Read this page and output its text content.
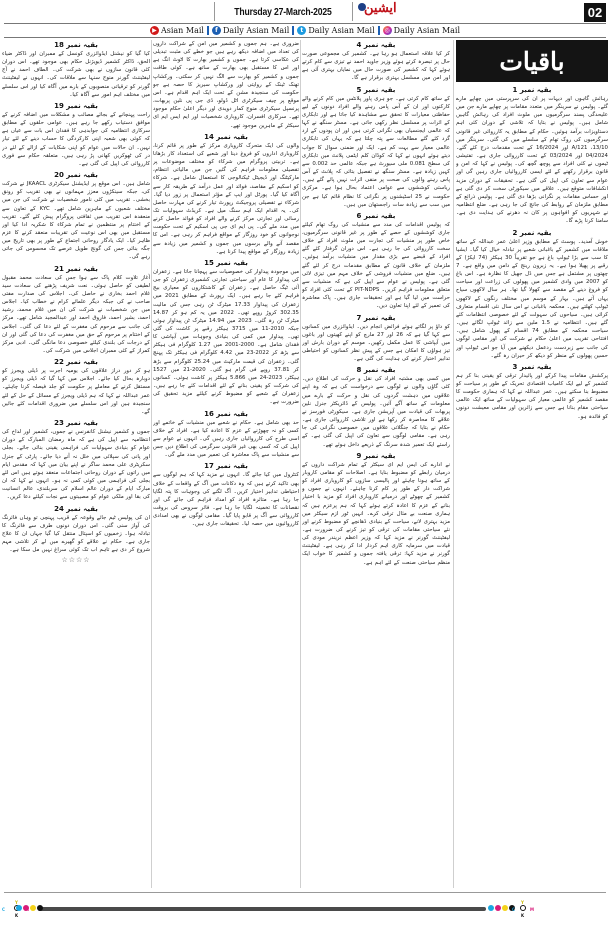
Thursday 27-March-2025	ایشین	02
▶ Asian Mail	f Daily Asian Mail	t Daily Asian Mail	◎ Daily Asian Mail
بقیہ نمبر 18
کیا گیا کو نیشنل ایڈوائزری کونسل کے ممبران اور ڈاکٹر ضیاء الحق، ڈاکٹر کشمیر ڈیویژنل حکام بھی موجود تھے۔ اس دوران کئی قانون سازوں نے بھی شرکت کی۔ الطاف احمد نے آج لیفٹیننٹ گورنر منوج سنہا سے ملاقات کی۔ انہوں نے لیفٹیننٹ گورنر کو ترقیاتی منصوبوں کے بارے میں آگاہ کیا اور اس سلسلے میں مختلف اہم امور سے آگاہ کیا۔
بقیہ نمبر 19
راحت پہنچانے کے بجائے مصائب و مشکلات میں اضافہ کرنے کے موافق دستیاب رکھے جا رہے ہیں۔ عوامی حلقوں کے مطابق سرکاری انتظامیہ کی جوابدہی کا فقدان اس بات سے عیاں ہے کہ کوئی بھی شعبہ اپنی کارکردگی کا حساب دینے کے لئے تیار نہیں۔ ان حالات میں عوام کو اپنی شکایات کے ازالے کے لئے در در کی ٹھوکریں کھانی پڑ رہی ہیں۔ متعلقہ حکام سے فوری کارروائی کی اپیل کی گئی ہے۔
بقیہ نمبر 20
شامل ہیں۔ اس موقع پر ایڈیشنل سیکرٹری JKAACL نے شرکت کی، جبکہ سینکڑوں معزز مہمانوں نے بھی تقریب کو رونق بخشی۔ تقریب میں کئی نامور شخصیات نے شرکت کی جن میں مختلف شعبوں کے ماہرین شامل تھے۔ KYC کے تعاون سے منعقدہ اس تقریب میں ثقافتی پروگرام پیش کئے گئے۔ تقریب کے اختتام پر منتظمین نے تمام شرکاء کا شکریہ ادا کیا اور مستقبل میں بھی اس نوعیت کی تقریبات منعقد کرنے کا عزم ظاہر کیا۔ ایک یادگار روحانی اجتماع کے طور پر بھی تاریخ میں جگہ بنائی جس کی گونج طویل عرصے تک محسوس کی جاتی رہے گی۔
بقیہ نمبر 21
آغاز تلاوت کلام پاک سے ہوا جس کی سعادت محمد مقبول لطیفی کو حاصل ہوئی۔ نعت شریف پڑھنے کی سعادت سید غلام احمد بخاری نے حاصل کی۔ اجلاس کی صدارت مفتی صاحب نے کی جبکہ دیگر علمائے کرام نے خطاب کیا۔ اجلاس میں جن شخصیات نے شرکت کی ان میں غلام محمد، رشید احمد، بشیر احمد، فاروق احمد اور عبدالمجید شامل تھے۔ مرکز کی جانب سے مرحوم کی مغفرت کے لئے دعا کی گئی۔ اجلاس کے اختتام پر مرحوم کے حق میں مغفرت کی دعا کی گئی اور ان کے درجات کی بلندی کیلئے خصوصی دعا مانگی گئی۔ ادبی مرکز کمراز کے کئی ممبران اجلاس میں شرکت کی۔
بقیہ نمبر 22
ہو کر دور دراز علاقوں کی یومیہ اجرت پر ڈیلی ویجرز کو دوبارہ بحال کیا جائے۔ اجلاس میں کہا گیا کہ ڈیلی ویجرز کو مستقل کرنے کے معاملے پر حکومت کو جلد فیصلہ کرنا چاہئے۔ عمر عبداللہ نے کہا کہ ہم ڈیلی ویجرز کے مسائل کے حل کے لئے سنجیدہ ہیں اور اس سلسلے میں ضروری اقدامات کئے جائیں گے۔
بقیہ نمبر 23
جموں و کشمیر نیشنل کانفرنس نے جموں، کشمیر اور لداخ کی انتظامیہ سے اپیل کی ہے کہ ماہ رمضان المبارک کے دوران عوام کو بنیادی سہولیات کی فراہمی یقینی بنائی جائے۔ بجلی اور پانی کی سپلائی میں خلل نہ آنے دیا جائے۔ پارٹی کے جنرل سکریٹری علی محمد ساگر نے اپنے بیان میں کہا کہ مقدس ایام میں راتوں کے دوران روحانی اجتماعات منعقد ہوتے ہیں اس لئے بجلی کی فراہمی میں کوئی کمی نہ ہو۔ انہوں نے کہا کہ ان مبارک ایام کے دوران عالم اسلام کی سربلندی، عالم انسانیت کی بقا اور ملکی عوام کو مصیبتوں سے نجات کیلئے دعا کریں۔
بقیہ نمبر 24
ان کی پولیس ٹیم جائے وقوعہ کے قریب پہنچی تو وہاں فائرنگ کی آواز سنی گئی۔ اس دوران دونوں طرف سے فائرنگ کا تبادلہ ہوا۔ زخمیوں کو اسپتال منتقل کیا گیا جہاں ان کا علاج جاری ہے۔ حکام نے علاقے کو گھیرے میں لے کر تلاشی مہم شروع کر دی ہے تاہم اب تک کوئی سراغ نہیں مل سکا ہے۔
☆☆☆☆
ضروری ہے۔ ہم جموں و کشمیر میں امن کے شراکت داروں کی تعداد میں اضافہ دیکھ رہے ہیں جو خطے کی مثبت تبدیلی کی عکاسی کرتا ہے۔ جموں و کشمیر بھارت کا اٹوٹ انگ ہے اور اس کا مستقبل بھی بھارت کے ساتھ ہے۔ کوئی طاقت جموں و کشمیر کو بھارت سے الگ نہیں کر سکتی۔ ورکشاپ تھنک ٹینک کے روایتی اور ورکشاپ سیریز کا حصہ ہے جو حکومت کی سنجیدہ مشن کے تحت ایک اہم اقدام ہے۔ اس موقع پر چیف سیکرٹری اٹل ڈولو، ڈی جی پی نلین پربھات، پرنسپل سیکرٹری منوج کمار دویدی اور دیگر اعلیٰ حکام موجود تھے۔ سرکاری افسران، کاروباری شخصیات اور ایم ایس ایم ای سیکٹر کے ماہرین موجود تھے۔
بقیہ نمبر 14
والوں کی ایک متحرک کاروباری مرکز کے طور پر قائم کرنا، کاروباری اداروں کو فروغ دینا اور شعبے کی استعداد کار بڑھانا ہے۔ تربیتی پروگرام میں شرکاء کو مختلف موضوعات پر تفصیلی معلومات فراہم کی گئیں جن میں مالیاتی انتظام، مارکیٹنگ اور ڈیجیٹل ٹیکنالوجی کا استعمال شامل ہے۔ شرکاء کو اسکیم کے مقاصد، فوائد اور عمل درآمد کے طریقہ کار سے آگاہ کیا گیا۔ پورٹل اور ایپ کے مؤثر استعمال پر زور دیا گیا۔ شرکاء نے تفصیلی پروجیکٹ رپورٹ تیار کرنے کی مہارت حاصل کی۔ یہ اقدام ایک اہم سنگ میل ہے۔ کریڈٹ سہولیات تک رسائی اور تجارتی مرکز کرنے والے افراد کو فوائد حاصل کرنے میں مدد ملے گی۔ پی ایم ای جی پی اسکیم کے تحت حکومت نوجوانوں کو خود روزگار کے مواقع فراہم کر رہی ہے۔ اس کا مقصد آنے والے برسوں میں جموں و کشمیر میں زیادہ سے زیادہ روزگار کے مواقع پیدا کرنا ہے۔
بقیہ نمبر 15
میں موجودہ پیداوار کی خصوصیات سے پہچانا جاتا ہے۔ زعفران کی پیداوار کا عام اور سیاحتی تجارتی کشمیری زعفران کو جی آئی ٹیگ حاصل ہے۔ زعفران کے کاشتکاروں کو معیاری بیج فراہم کئے جا رہے ہیں۔ ایک رپورٹ کے مطابق 2021 میں زعفران کی پیداوار 17.33 میٹرک ٹن رہی جس کی مالیت 302.35 کروڑ روپے تھی۔ 2022 میں یہ کم ہو کر 14.87 میٹرک ٹن رہ گئی۔ 2023 میں 14.94 میٹرک ٹن پیداوار ہوئی جبکہ 2010-11 میں 3715 ہیکٹر رقبے پر کاشت کی گئی تھی۔ پیداوار میں کمی کی بنیادی وجوہات میں آبپاشی کا فقدان شامل ہے۔ 2000-2001 میں 1.27 کلوگرام فی ہیکٹر سے بڑھ کر 2022-23 میں 4.42 کلوگرام فی ہیکٹر تک پہنچ گئی۔ زعفران کی قیمت مارکیٹ میں 25.24 کلوگرام سے بڑھ کر 37.81 روپے فی گرام ہو گئی۔ 2020-21 میں 1527 ہیکٹر، 2023-24 میں 5.866 ہیکٹر پر کاشت ہوئی۔ کسانوں کی شرکت کو یقینی بنانے کے لئے اقدامات کئے جا رہے ہیں۔ زعفران کے شعبے کو مضبوط کرنے کیلئے مزید تحقیق کی ضرورت ہے۔
بقیہ نمبر 16
حد بھی شامل ہے۔ حکام نے شعبے میں منشیات کے خاتمے اور کسی کو نہ چھوڑنے کے عزم کا اعادہ کیا ہے۔ افراد کے خلاف اسی طرح کی کارروائیاں جاری رہیں گی۔ انہوں نے عوام سے اپیل کی کہ کسی بھی غیر قانونی سرگرمی کی اطلاع دیں جس سے منشیات سے پاک معاشرہ کی تعمیر میں مدد ملے گی۔
بقیہ نمبر 17
کنٹرول میں کیا جائے گا۔ انہوں نے مزید کہا کہ ہم لوگوں سے بھی تاکید کرتے ہیں کہ وہ دکانات میں آگ کے واقعات کے خلاف احتیاطی تدابیر اختیار کریں۔ آگ لگنے کی وجوہات کا پتہ لگایا جا رہا ہے۔ متاثرہ افراد کو امداد فراہم کی جائے گی اور نقصانات کا تخمینہ لگایا جا رہا ہے۔ فائر سروس کی بروقت کارروائی سے آگ پر قابو پایا گیا۔ مقامی لوگوں نے بھی امدادی کارروائیوں میں حصہ لیا۔ تحقیقات جاری ہیں۔
بقیہ نمبر 4
کر کیا علاقہ استعمال ہو رہا ہے۔ کشمیر کی مجموعی صورت حال پر تبصرہ کرتے ہوئے وزیر جاوید احمد نے تیزی سے کام کرتے ہوئے کہا کہ کشمیر کی صورت حال میں نمایاں بہتری آئی ہے اور امن میں مسلسل بہتری برقرار ہے گا۔
بقیہ نمبر 5
کے ساتھ کام کرتی ہے۔ جو ہری پاور پلانٹس میں کام کرنے والے کارکنوں اور ان کے آس پاس رہنے والے افراد دونوں کے لیے حفاظتی معیارات کا تحقق سے مشاہدہ کیا جاتا ہے اور تابکاری کے اثرات پر مسلسل نظر رکھی جاتی ہے۔ مسٹر سنگھ نے کہا کہ عالمی ایجنسیاں بھی نگرانی کرتی ہیں اور ان پودوں کے ارد گرد کئے گئے مطالعات سے پتہ چلتا ہے کہ یہاں کی تابکاری عالمی معیار سے بہت کم ہے۔ ایک اور ضمنی سوال کا جواب دیتے ہوئے انہوں نے کہا کہ کوڈان کلم ایٹمی پلانٹ میں تابکاری کی سطح 0.081 ملی سیورٹ ہے جبکہ عالمی حد 0.002 سے کہیں زیادہ ہے۔ مسٹر سنگھ نے تفصیل بتائی کہ پلانٹ کے آس پاس رہنے والوں کی صحت پر منفی اثرات نہیں پائے گئے ہیں۔ ریاستی کوششوں سے عوامی اعتماد بحال ہوا ہے۔ مرکزی حکومت نے 25 اسٹیشنوں پر نگرانی کا نظام قائم کیا ہے جن میں سب سے زیادہ سات راجستھان میں ہیں۔
بقیہ نمبر 6
کہ پولیس اقدامات کی مدد سے منشیات کی روک تھام کیلئے جاری کوششوں کے حصے کے طور پر غیر قانونی سرگرمیوں، خاص طور پر منشیات کی تجارت میں ملوث افراد کے خلاف سخت کارروائی کی جا رہی ہے۔ اس دوران گرفتار کئے گئے افراد کے قبضے سے بڑی مقدار میں منشیات برآمد ہوئیں۔ ملزمان کے خلاف قانون کے مطابق مقدمات درج کر لئے گئے ہیں۔ ضلع میں منشیات فروشی کے خلاف مہم میں تیزی لائی گئی ہے۔ پولیس نے عوام سے اپیل کی ہے کہ منشیات سے متعلق معلومات فراہم کریں۔ PIT-NDPS کے تحت کئی افراد کو حراست میں لیا گیا ہے اور تحقیقات جاری ہیں۔ پاک معاشرہ کی تعمیر کے لئے اپنا تعاون دیں۔
بقیہ نمبر 7
کو داؤ پر لگاتے ہوئے فرائض انجام دیں۔ ایڈوائزری میں کسانوں سے کہا گیا ہے کہ 26 اور 27 مارچ کو اپنے کھیتوں اور باغوں میں آبپاشی کا عمل مکمل رکھیں۔ موسم کے دوران بارش اور تیز ہواؤں کا امکان ہے جس کے پیش نظر کسانوں کو احتیاطی تدابیر اختیار کرنے کی ہدایت کی گئی ہے۔
بقیہ نمبر 8
میں کسی بھی مشتبہ افراد کی نقل و حرکت کی اطلاع دیں۔ کئی گاؤں والوں نے لوگوں سے درخواست کی ہے کہ وہ اپنے علاقوں میں دہشت گردوں کی نقل و حرکت کے بارے میں معلومات کے ساتھ آگے آئیں۔ پولیس کے ڈائریکٹر جنرل نلین پربھات کی قیادت میں آپریشن جاری ہے۔ سیکورٹی فورسز نے علاقے کا محاصرہ کر رکھا ہے اور تلاشی کارروائی جاری ہے۔ حکام نے بتایا کہ جنگلاتی علاقوں میں خصوصی نگرانی کی جا رہی ہے۔ مقامی لوگوں سے تعاون کی اپیل کی گئی ہے۔ کے راستے ایک تعمیر شدہ سرنگ کے ذریعے داخل ہوئے تھے۔
بقیہ نمبر 9
نے ادارے کی ایس ایم ای سیکٹر کے تمام شراکت داروں کے درمیان رابطے کو مضبوط بنایا ہے۔ اصلاحات کو مقامی کاروبار کے ساتھ ہونا چاہئے اور پالیسی سازوں کو کاروباری افراد کو شراکت دار کے طور پر کام کرنا چاہئے۔ انہوں نے جموں و کشمیر کے چھوٹے اور درمیانے کاروباری افراد کو مزید با اختیار بنانے کے عزم کا اعادہ کرتے ہوئے کہا کہ ہم پرعزم ہیں کہ ہماری صنعت بے مثال ترقی کرے۔ انہیں ٹور ازم سیکٹر میں مزید بہتری لانے، سیاحت کے بنیادی ڈھانچے کو مضبوط کرنے اور نئے سیاحتی مقامات کی ترقی کو تیز کرنے کی ضرورت ہے۔ لیفٹیننٹ گورنر نے مزید کہا کہ وزیر اعظم نریندر مودی کی قیادت میں سرمایہ کاری اہم کردار ادا کر رہی ہے۔ لیفٹیننٹ گورنر نے مزید کہا: ترقی یافتہ جموں و کشمیر کا خواب ایک منظم سیاحتی صنعت کے لئے اہم ہے۔
باقیات
بقیہ نمبر 1
رہائش گاہوں اور دیہات پر ان کی سرپرستی میں چھاپے مارے گئے۔ پولیس نے سرینگر میں متعدد مقامات پر چھاپے مارے جن میں علیحدگی پسند سرگرمیوں میں ملوث افراد کی رہائش گاہیں شامل ہیں۔ پولیس نے بتایا کہ تلاشی کے دوران کئی اہم دستاویزات برآمد ہوئیں۔ حکام کے مطابق یہ کارروائی غیر قانونی سرگرمیوں کی روک تھام کے سلسلے میں کی گئی۔ سرینگر میں 13/10، 121/A اور 16/2024 کے تحت مقدمات درج کئے گئے۔ 04/2024 اور 03/2024 کے تحت کارروائی جاری ہے۔ تفتیشی ٹیموں نے کئی افراد سے پوچھ گچھ کی۔ پولیس نے کہا کہ امن و قانون برقرار رکھنے کے لئے ایسی کارروائیاں جاری رہیں گی اور عوام سے تعاون کی اپیل کی گئی ہے۔ تحقیقات کے دوران مزید انکشافات متوقع ہیں۔ علاقے میں سیکورٹی سخت کر دی گئی ہے اور حساس مقامات پر نگرانی بڑھا دی گئی ہے۔ پولیس ذرائع کے مطابق ملزمان کے روابط کی جانچ کی جا رہی ہے۔ ضلع انتظامیہ نے شہریوں کو افواہوں پر کان نہ دھرنے کی ہدایت دی ہے۔ سامنا کرنا پڑے گا۔
بقیہ نمبر 2
خوش آمدید۔ پوسٹ کے مطابق وزیر اعلیٰ عمر عبداللہ کے ساتھ ملاقات میں کشمیر کے باغبانی شعبے پر تبادلہ خیال کیا گیا۔ ایشیا کا سب سے بڑا ٹیولپ باغ ہے جو تقریباً 30 ہیکٹر (74 ایکڑ) کے رقبے پر پھیلا ہوا ہے۔ یہ زبرون رینج کے دامن میں واقع ہے۔ 7 چھتوں پر مشتمل ہے جس میں ڈل جھیل کا نظارہ ہے۔ اس باغ کو 2007 میں وادی کشمیر میں پھولوں کی زراعت اور سیاحت کو فروغ دینے کے مقصد سے کھولا گیا تھا۔ ہر سال لاکھوں سیاح یہاں آتے ہیں۔ بہار کے موسم میں مختلف رنگوں کے لاکھوں ٹیولپ کھلتے ہیں۔ محکمہ باغبانی نے اس سال نئی اقسام متعارف کرائی ہیں۔ سیاحوں کی سہولت کے لئے خصوصی انتظامات کئے گئے ہیں۔ انتظامیہ نے 1.5 ملین سے زائد ٹیولپ لگائے ہیں۔ سیاحت محکمہ کے مطابق 74 اقسام کے پھول شامل ہیں۔ افتتاحی تقریب میں اعلیٰ حکام نے شرکت کی اور مقامی لوگوں کی جانب سے زبردست ردعمل دیکھنے میں آیا جو اس ٹیولپ اور حسین پھولوں کے منظر کو دیکھ کر حیران رہ گئے۔
بقیہ نمبر 3
پرکشش مقامات پیدا کرکے اور پائیدار ترقی کو یقینی بنا کر ہم کشمیر کے لیے ایک کامیاب اقتصادی تحریک کے طور پر سیاحت کو مضبوط بنا سکتے ہیں۔ عمر عبداللہ نے کہا کہ ہماری حکومت کا مقصد کشمیر کو عالمی معیار کی سہولیات کے ساتھ ایک عالمی سیاحتی مقام بنانا ہے جس سے زائرین اور مقامی معیشت دونوں کو فائدہ ہو۔
Y
K
C
Y
K
C	M
